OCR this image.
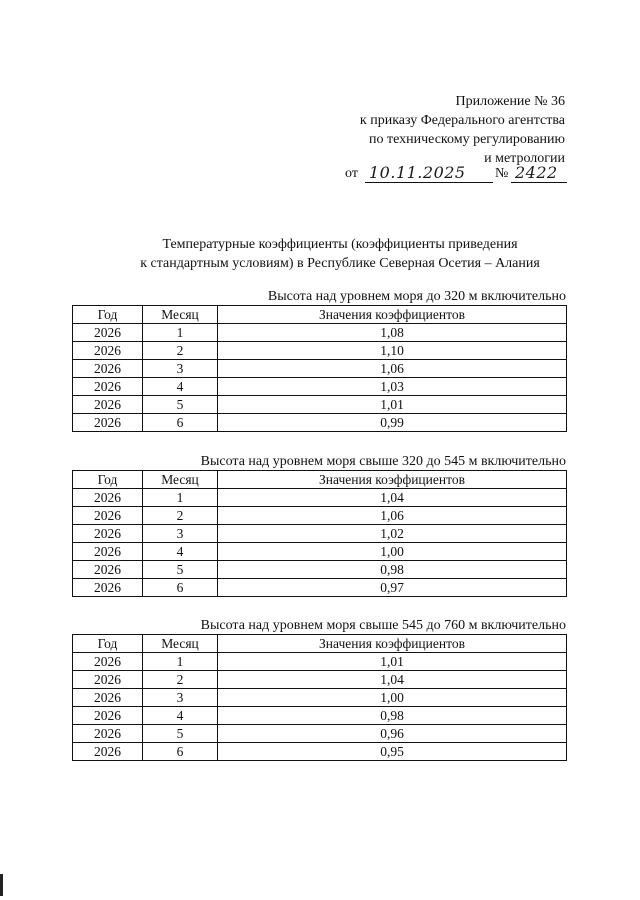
Приложение № 36
к приказу Федерального агентства
по техническому регулированию
и метрологии
от 10.11.2025 № 2422
Температурные коэффициенты (коэффициенты приведения
к стандартным условиям) в Республике Северная Осетия – Алания
Высота над уровнем моря до 320 м включительно
Год	Месяц	Значения коэффициентов
2026	1	1,08
2026	2	1,10
2026	3	1,06
2026	4	1,03
2026	5	1,01
2026	6	0,99
Высота над уровнем моря свыше 320 до 545 м включительно
Год	Месяц	Значения коэффициентов
2026	1	1,04
2026	2	1,06
2026	3	1,02
2026	4	1,00
2026	5	0,98
2026	6	0,97
Высота над уровнем моря свыше 545 до 760 м включительно
Год	Месяц	Значения коэффициентов
2026	1	1,01
2026	2	1,04
2026	3	1,00
2026	4	0,98
2026	5	0,96
2026	6	0,95
